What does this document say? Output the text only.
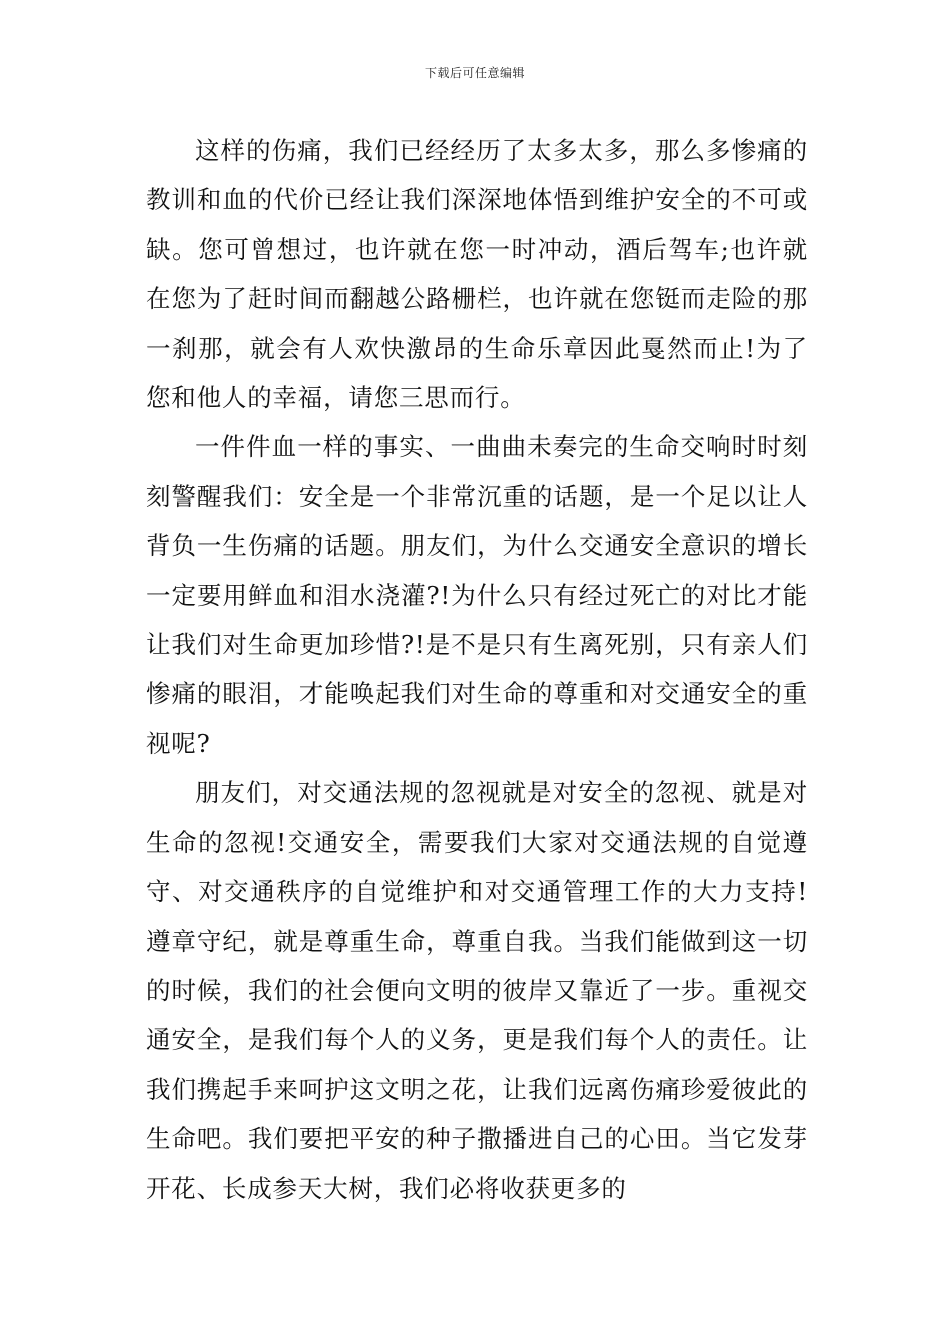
下载后可任意编辑

这样的伤痛，我们已经经历了太多太多，那么多惨痛的教训和血的代价已经让我们深深地体悟到维护安全的不可或缺。您可曾想过，也许就在您一时冲动，酒后驾车;也许就在您为了赶时间而翻越公路栅栏，也许就在您铤而走险的那一刹那，就会有人欢快激昂的生命乐章因此戛然而止!为了您和他人的幸福，请您三思而行。

一件件血一样的事实、一曲曲未奏完的生命交响时时刻刻警醒我们：安全是一个非常沉重的话题，是一个足以让人背负一生伤痛的话题。朋友们，为什么交通安全意识的增长一定要用鲜血和泪水浇灌?!为什么只有经过死亡的对比才能让我们对生命更加珍惜?!是不是只有生离死别，只有亲人们惨痛的眼泪，才能唤起我们对生命的尊重和对交通安全的重视呢?

朋友们，对交通法规的忽视就是对安全的忽视、就是对生命的忽视!交通安全，需要我们大家对交通法规的自觉遵守、对交通秩序的自觉维护和对交通管理工作的大力支持!遵章守纪，就是尊重生命，尊重自我。当我们能做到这一切的时候，我们的社会便向文明的彼岸又靠近了一步。重视交通安全，是我们每个人的义务，更是我们每个人的责任。让我们携起手来呵护这文明之花，让我们远离伤痛珍爱彼此的生命吧。我们要把平安的种子撒播进自己的心田。当它发芽开花、长成参天大树，我们必将收获更多的
